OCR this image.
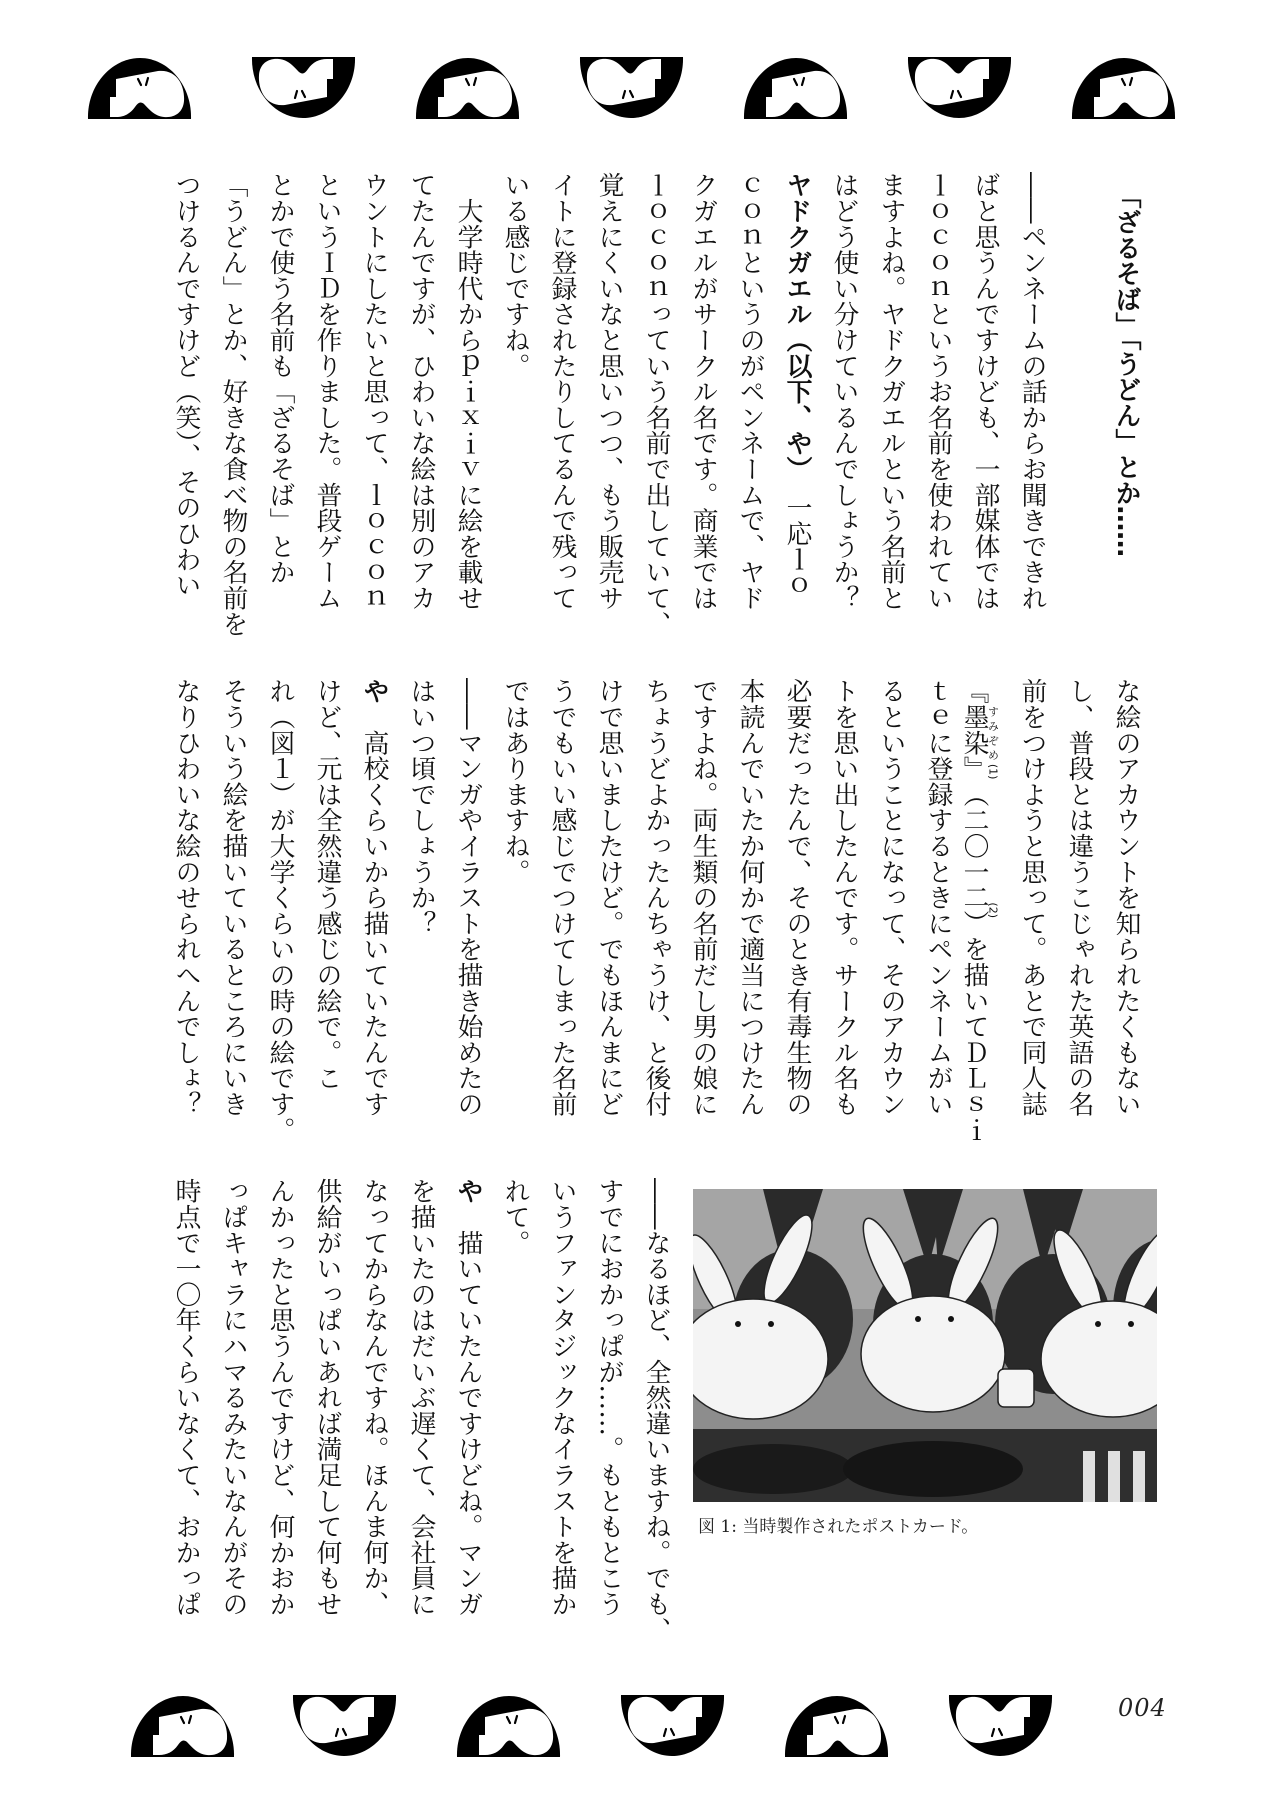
「ざるそば」「うどん」とか……
――ペンネームの話からお聞きできれ
ばと思うんですけども、一部媒体では
ｌｏｃｏｎというお名前を使われてい
ますよね。ヤドクガエルという名前と
はどう使い分けているんでしょうか？
ヤドクガエル（以下、や）　一応ｌｏ
ｃｏｎというのがペンネームで、ヤド
クガエルがサークル名です。商業では
ｌｏｃｏｎっていう名前で出していて、
覚えにくいなと思いつつ、もう販売サ
イトに登録されたりしてるんで残って
いる感じですね。
　大学時代からｐｉｘｉｖに絵を載せ
てたんですが、ひわいな絵は別のアカ
ウントにしたいと思って、ｌｏｃｏｎ
というＩＤを作りました。普段ゲーム
とかで使う名前も「ざるそば」とか
「うどん」とか、好きな食べ物の名前を
つけるんですけど（笑）、そのひわい
な絵のアカウントを知られたくもない
し、普段とは違うこじゃれた英語の名
前をつけようと思って。あとで同人誌
『墨染』すみぞめ(1)（二〇一二）(2)を描いてＤＬｓｉ
ｔｅに登録するときにペンネームがい
るということになって、そのアカウン
トを思い出したんです。サークル名も
必要だったんで、そのとき有毒生物の
本読んでいたか何かで適当につけたん
ですよね。両生類の名前だし男の娘に
ちょうどよかったんちゃうけ、と後付
けで思いましたけど。でもほんまにど
うでもいい感じでつけてしまった名前
ではありますね。
――マンガやイラストを描き始めたの
はいつ頃でしょうか？
や　高校くらいから描いていたんです
けど、元は全然違う感じの絵で。こ
れ（図１）が大学くらいの時の絵です。
そういう絵を描いているところにいき
なりひわいな絵のせられへんでしょ？
――なるほど、全然違いますね。でも、
すでにおかっぱが……。もともとこう
いうファンタジックなイラストを描か
れて。
や　描いていたんですけどね。マンガ
を描いたのはだいぶ遅くて、会社員に
なってからなんですね。ほんま何か、
供給がいっぱいあれば満足して何もせ
んかったと思うんですけど、何かおか
っぱキャラにハマるみたいなんがその
時点で一〇年くらいなくて、おかっぱ	図 1: 当時製作されたポストカード。
004
